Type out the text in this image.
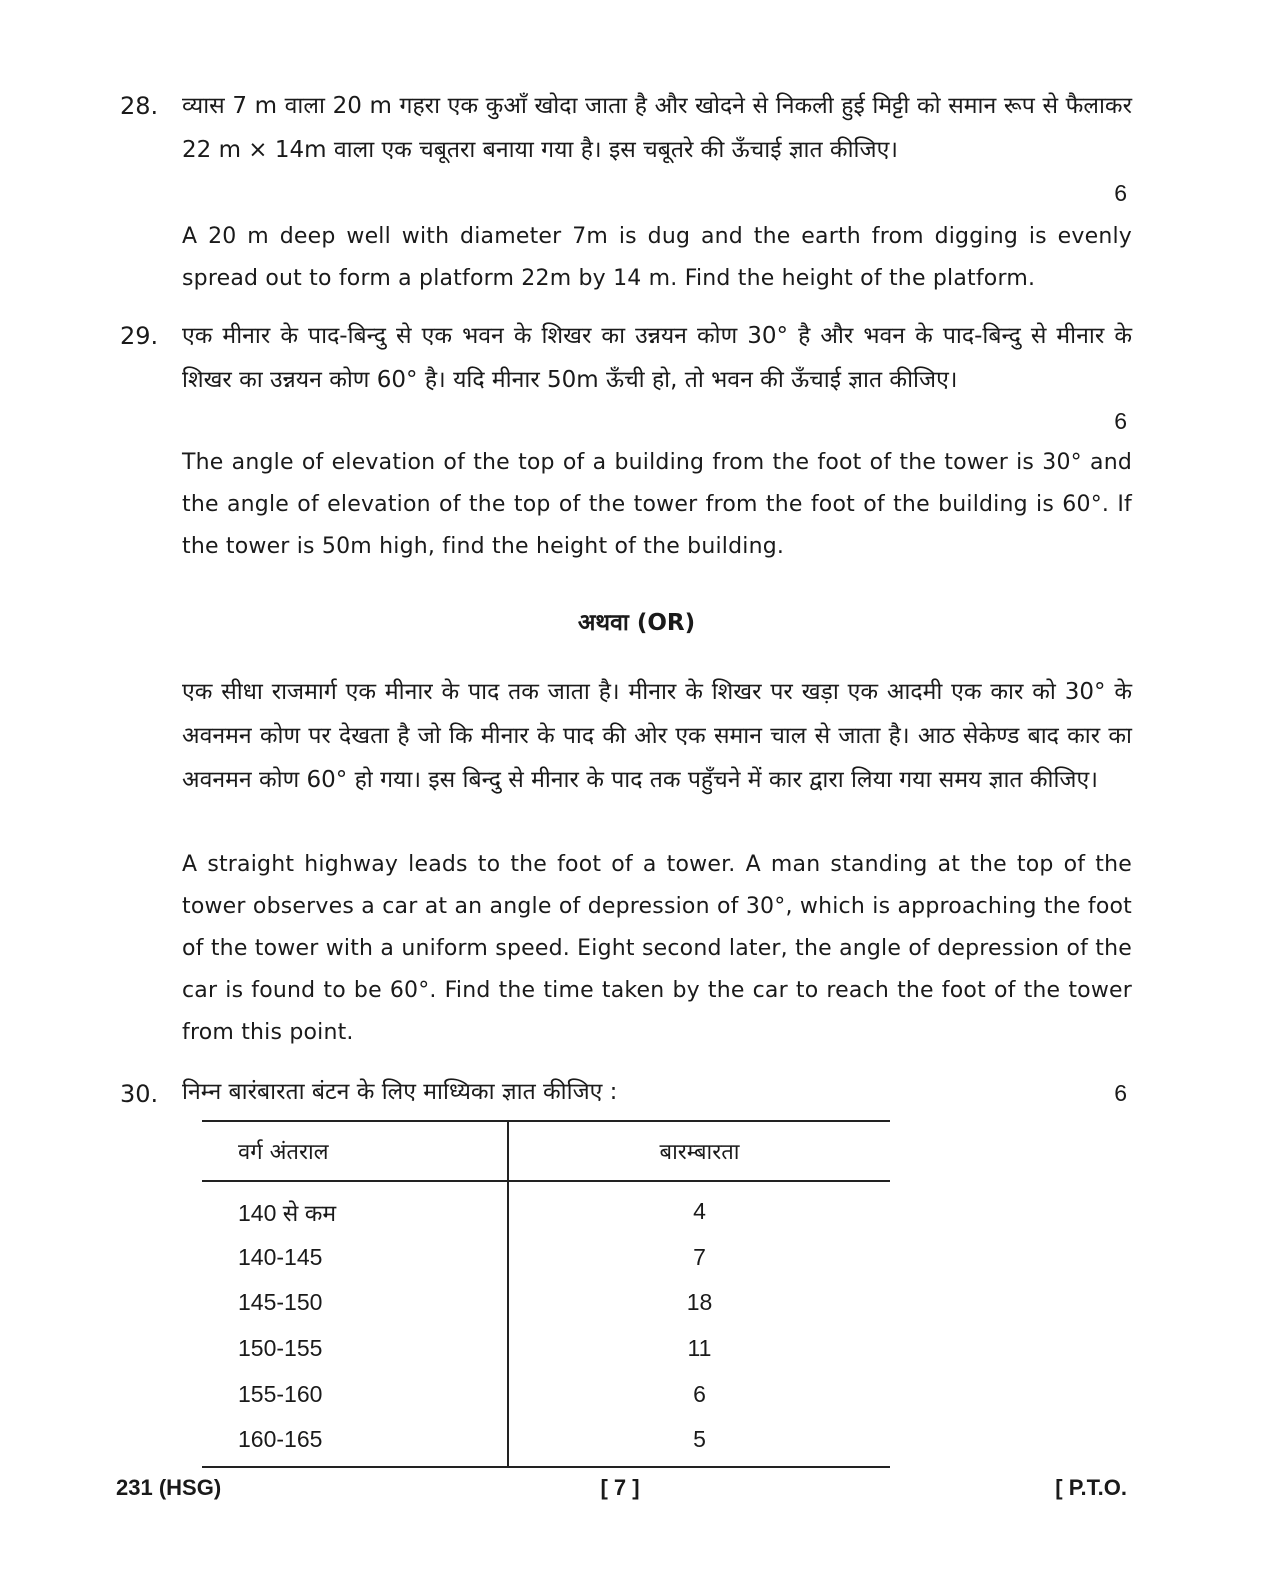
28. व्यास 7 m वाला 20 m गहरा एक कुआँ खोदा जाता है और खोदने से निकली हुई मिट्टी को समान रूप से फैलाकर 22 m × 14m वाला एक चबूतरा बनाया गया है। इस चबूतरे की ऊँचाई ज्ञात कीजिए।
6
A 20 m deep well with diameter 7m is dug and the earth from digging is evenly spread out to form a platform 22m by 14 m. Find the height of the platform.
29. एक मीनार के पाद-बिन्दु से एक भवन के शिखर का उन्नयन कोण 30° है और भवन के पाद-बिन्दु से मीनार के शिखर का उन्नयन कोण 60° है। यदि मीनार 50m ऊँची हो, तो भवन की ऊँचाई ज्ञात कीजिए।
6
The angle of elevation of the top of a building from the foot of the tower is 30° and the angle of elevation of the top of the tower from the foot of the building is 60°. If the tower is 50m high, find the height of the building.
अथवा (OR)
एक सीधा राजमार्ग एक मीनार के पाद तक जाता है। मीनार के शिखर पर खड़ा एक आदमी एक कार को 30° के अवनमन कोण पर देखता है जो कि मीनार के पाद की ओर एक समान चाल से जाता है। आठ सेकेण्ड बाद कार का अवनमन कोण 60° हो गया। इस बिन्दु से मीनार के पाद तक पहुँचने में कार द्वारा लिया गया समय ज्ञात कीजिए।
A straight highway leads to the foot of a tower. A man standing at the top of the tower observes a car at an angle of depression of 30°, which is approaching the foot of the tower with a uniform speed. Eight second later, the angle of depression of the car is found to be 60°. Find the time taken by the car to reach the foot of the tower from this point.
30. निम्न बारंबारता बंटन के लिए माध्यिका ज्ञात कीजिए :	6
वर्ग अंतराल	बारम्बारता
140 से कम	4
140-145	7
145-150	18
150-155	11
155-160	6
160-165	5
231 (HSG)	[ 7 ]	[ P.T.O.
